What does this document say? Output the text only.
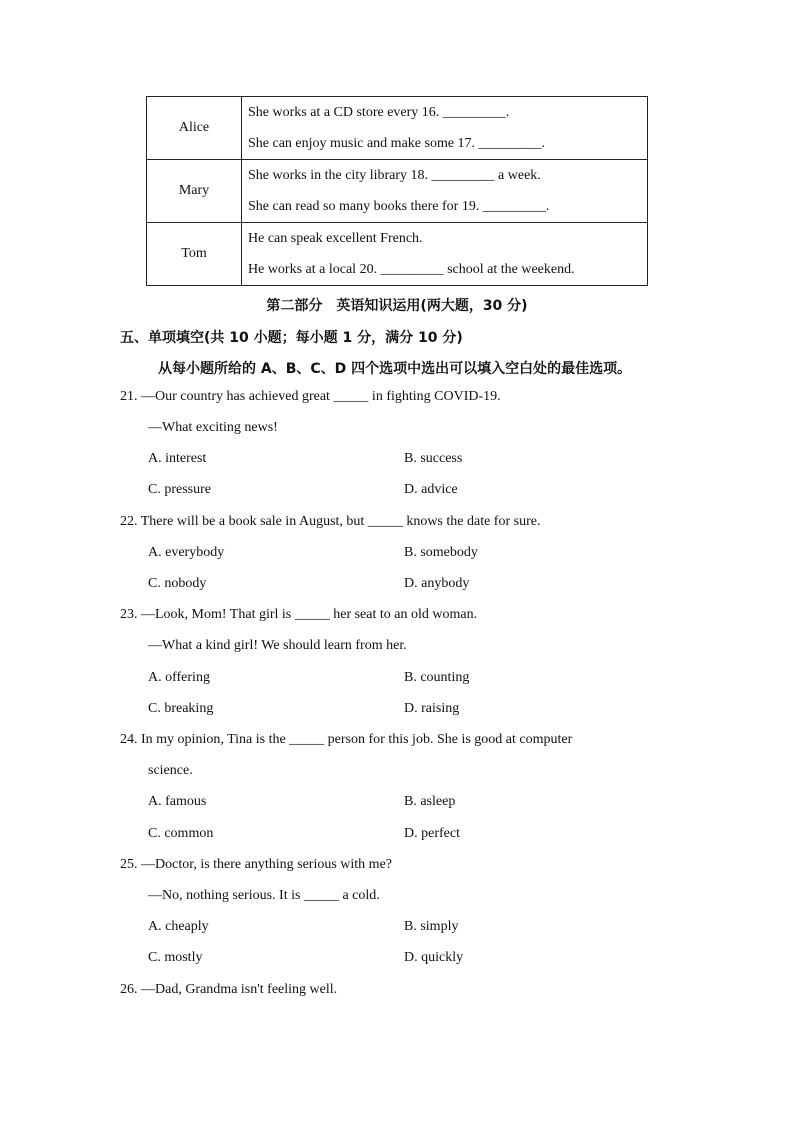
Alice	She works at a CD store every 16. _________.
She can enjoy music and make some 17. _________.

Mary	She works in the city library 18. _________ a week.
She can read so many books there for 19. _________.

Tom	He can speak excellent French.
He works at a local 20. _________ school at the weekend.
第二部分　英语知识运用(两大题，30 分)
五、单项填空(共 10 小题；每小题 1 分，满分 10 分)
从每小题所给的 A、B、C、D 四个选项中选出可以填入空白处的最佳选项。
21. —Our country has achieved great _____ in fighting COVID-19.
—What exciting news!
A. interest	B. success
C. pressure	D. advice
22. There will be a book sale in August, but _____ knows the date for sure.
A. everybody	B. somebody
C. nobody	D. anybody
23. —Look, Mom! That girl is _____ her seat to an old woman.
—What a kind girl! We should learn from her.
A. offering	B. counting
C. breaking	D. raising
24. In my opinion, Tina is the _____ person for this job. She is good at computer
science.
A. famous	B. asleep
C. common	D. perfect
25. —Doctor, is there anything serious with me?
—No, nothing serious. It is _____ a cold.
A. cheaply	B. simply
C. mostly	D. quickly
26. —Dad, Grandma isn't feeling well.
